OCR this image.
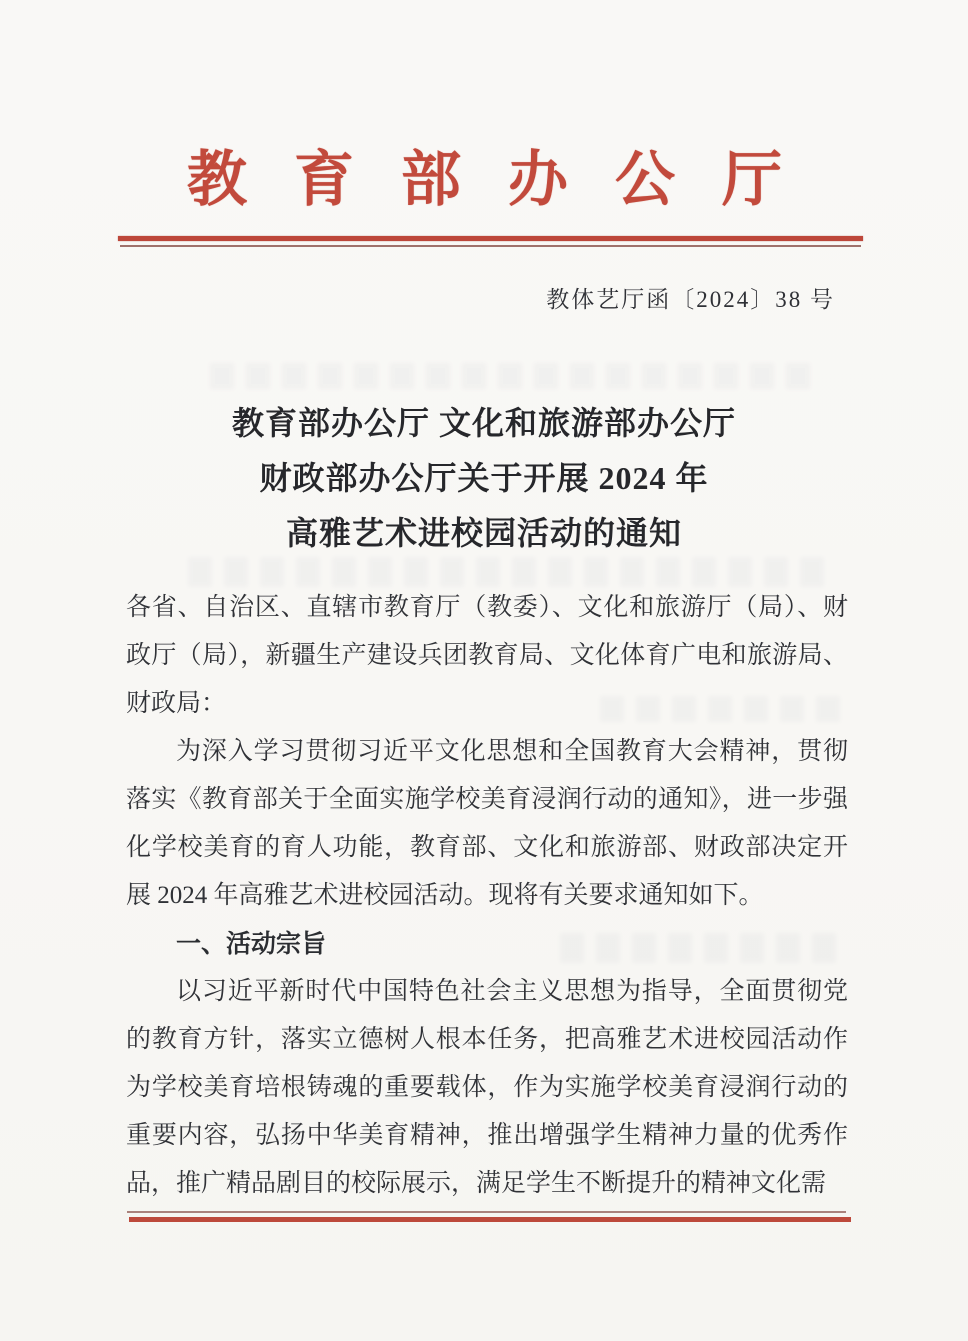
教育部办公厅
教体艺厅函〔2024〕38 号
教育部办公厅 文化和旅游部办公厅
财政部办公厅关于开展 2024 年
高雅艺术进校园活动的通知

各省、自治区、直辖市教育厅（教委）、文化和旅游厅（局）、财政厅（局），新疆生产建设兵团教育局、文化体育广电和旅游局、财政局：

为深入学习贯彻习近平文化思想和全国教育大会精神，贯彻落实《教育部关于全面实施学校美育浸润行动的通知》，进一步强化学校美育的育人功能，教育部、文化和旅游部、财政部决定开展 2024 年高雅艺术进校园活动。现将有关要求通知如下。

一、活动宗旨

以习近平新时代中国特色社会主义思想为指导，全面贯彻党的教育方针，落实立德树人根本任务，把高雅艺术进校园活动作为学校美育培根铸魂的重要载体，作为实施学校美育浸润行动的重要内容，弘扬中华美育精神，推出增强学生精神力量的优秀作品，推广精品剧目的校际展示，满足学生不断提升的精神文化需
